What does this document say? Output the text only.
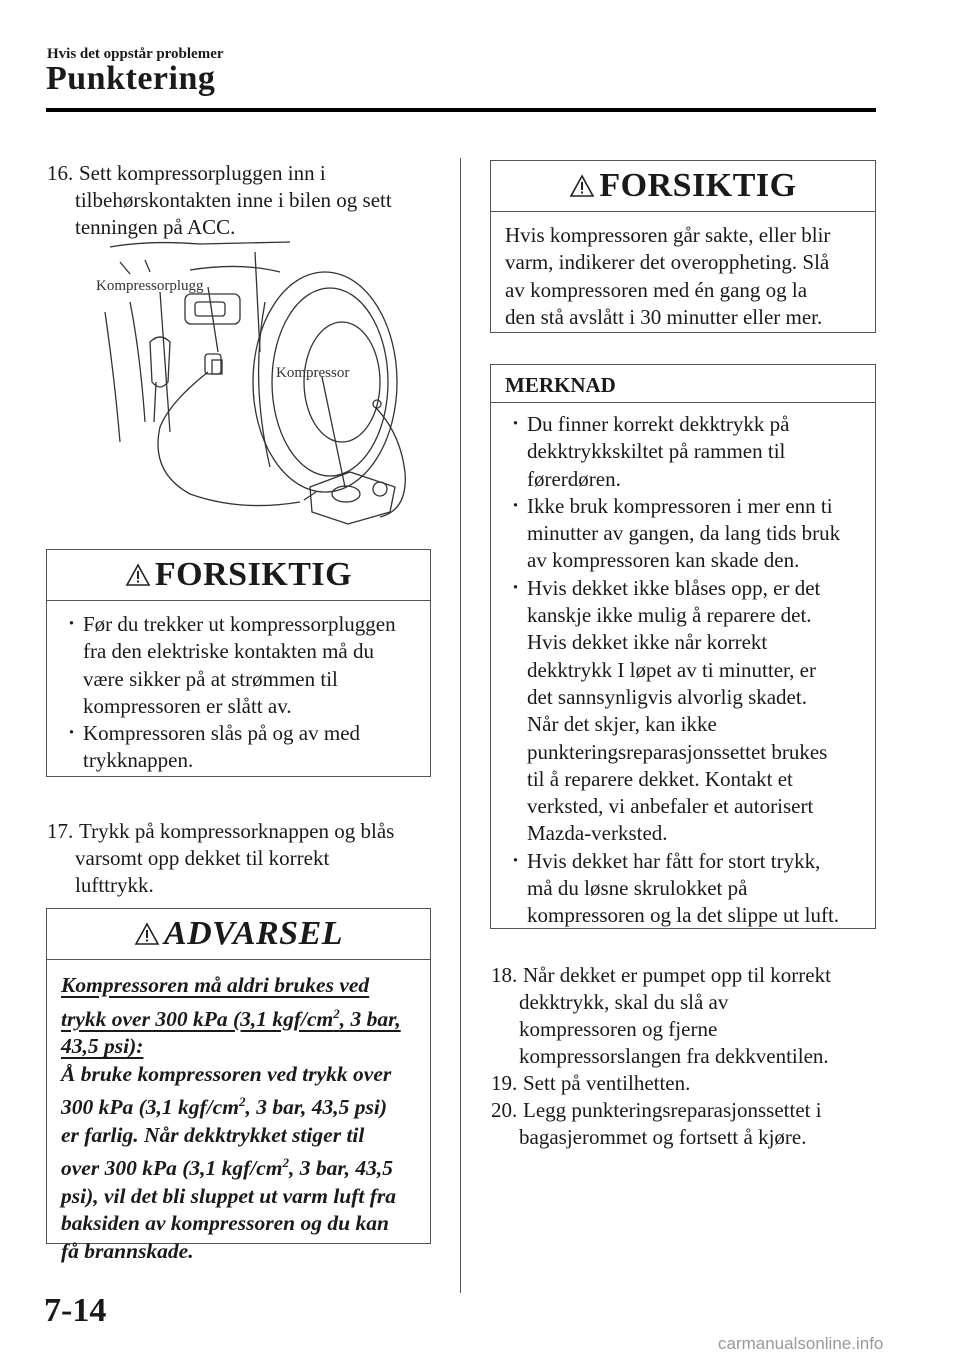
Hvis det oppstår problemer
Punktering
16. Sett kompressorpluggen inn i
tilbehørskontakten inne i bilen og sett
tenningen på ACC.
Kompressorplugg
Kompressor
FORSIKTIG
· Før du trekker ut kompressorpluggen
fra den elektriske kontakten må du
være sikker på at strømmen til
kompressoren er slått av.
· Kompressoren slås på og av med
trykknappen.
17. Trykk på kompressorknappen og blås
varsomt opp dekket til korrekt
lufttrykk.
ADVARSEL
Kompressoren må aldri brukes ved
trykk over 300 kPa (3,1 kgf/$cm^2$, 3 bar,
43,5 psi):
Å bruke kompressoren ved trykk over
300 kPa (3,1 kgf/$cm^2$, 3 bar, 43,5 psi)
er farlig. Når dekktrykket stiger til
over 300 kPa (3,1 kgf/$cm^2$, 3 bar, 43,5
psi), vil det bli sluppet ut varm luft fra
baksiden av kompressoren og du kan
få brannskade.
FORSIKTIG
Hvis kompressoren går sakte, eller blir
varm, indikerer det overoppheting. Slå
av kompressoren med én gang og la
den stå avslått i 30 minutter eller mer.
MERKNAD
· Du finner korrekt dekktrykk på
dekktrykkskiltet på rammen til
førerdøren.
· Ikke bruk kompressoren i mer enn ti
minutter av gangen, da lang tids bruk
av kompressoren kan skade den.
· Hvis dekket ikke blåses opp, er det
kanskje ikke mulig å reparere det.
Hvis dekket ikke når korrekt
dekktrykk I løpet av ti minutter, er
det sannsynligvis alvorlig skadet.
Når det skjer, kan ikke
punkteringsreparasjonssettet brukes
til å reparere dekket. Kontakt et
verksted, vi anbefaler et autorisert
Mazda-verksted.
· Hvis dekket har fått for stort trykk,
må du løsne skrulokket på
kompressoren og la det slippe ut luft.
18. Når dekket er pumpet opp til korrekt
dekktrykk, skal du slå av
kompressoren og fjerne
kompressorslangen fra dekkventilen.
19. Sett på ventilhetten.
20. Legg punkteringsreparasjonssettet i
bagasjerommet og fortsett å kjøre.
7-14
carmanualsonline.info
